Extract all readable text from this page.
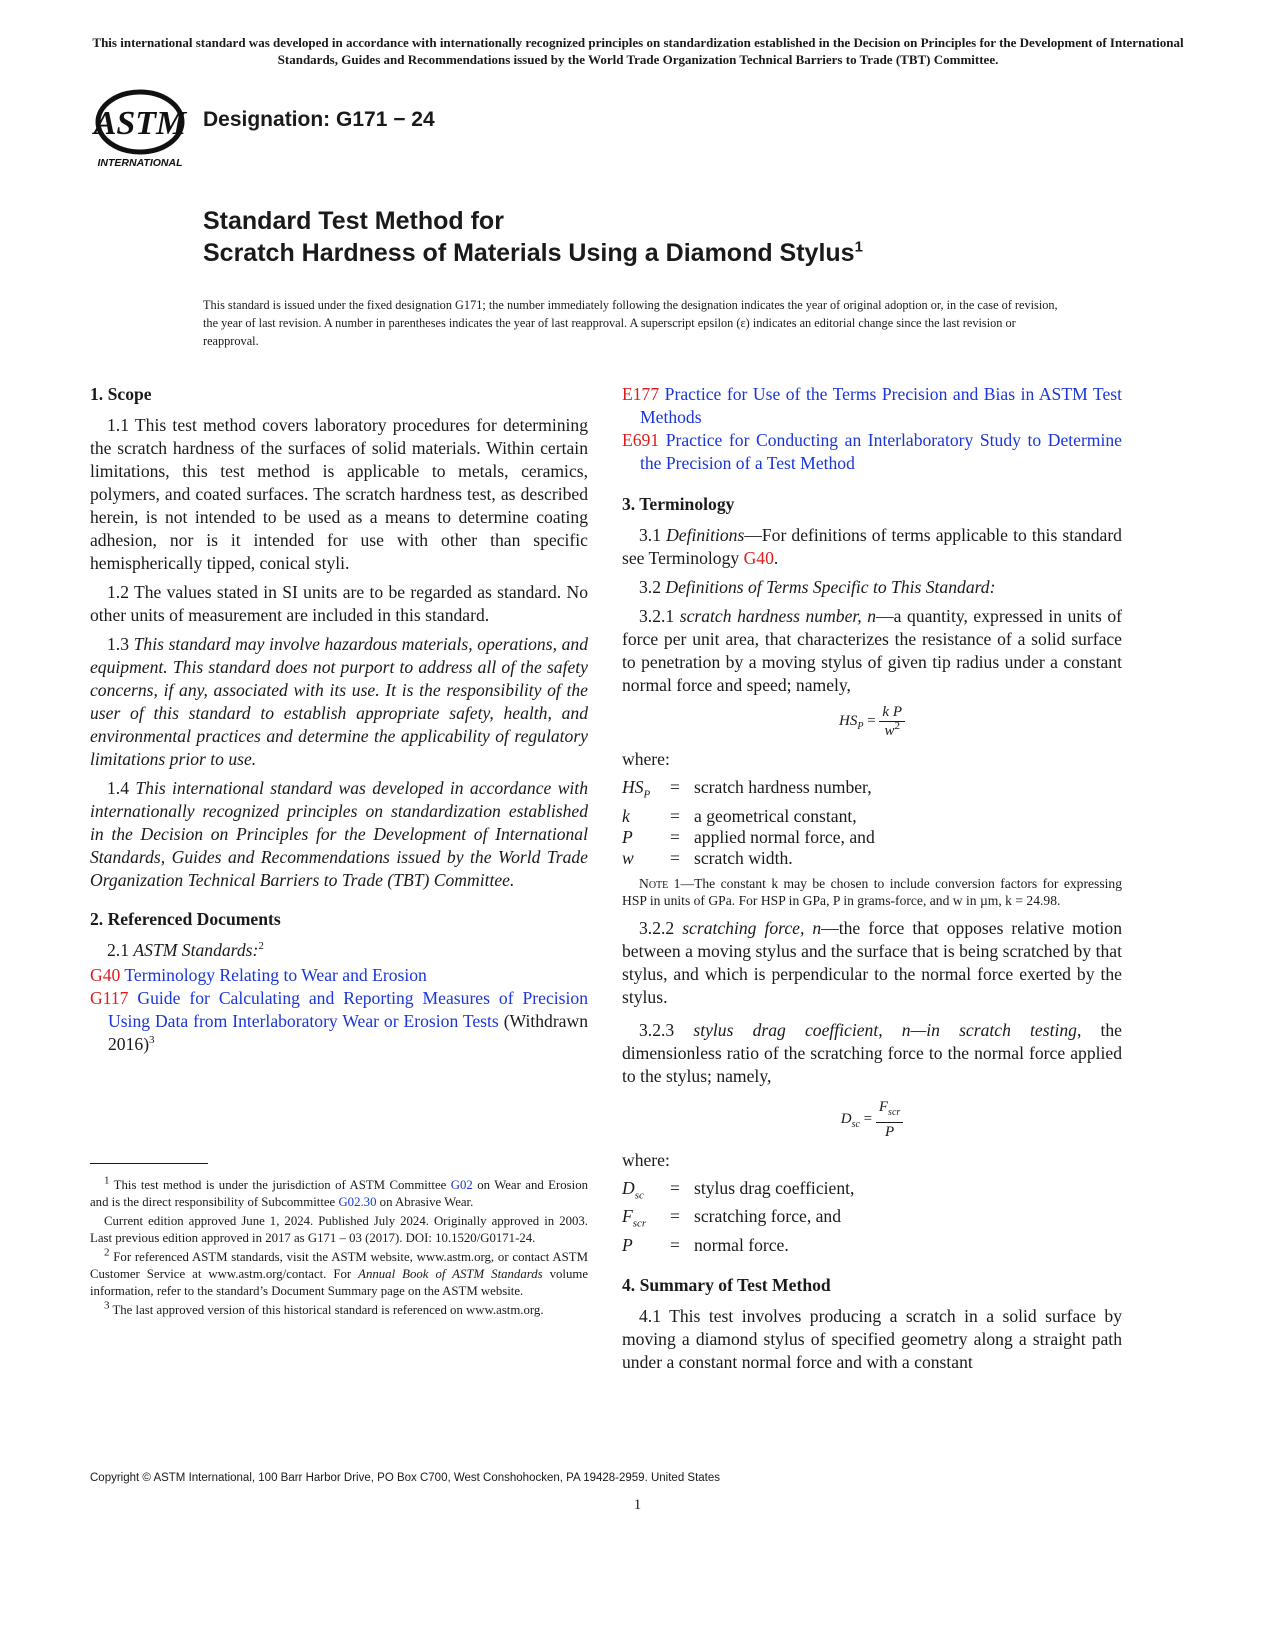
This international standard was developed in accordance with internationally recognized principles on standardization established in the Decision on Principles for the Development of International Standards, Guides and Recommendations issued by the World Trade Organization Technical Barriers to Trade (TBT) Committee.
ASTM
INTERNATIONAL
Designation: G171 − 24
Standard Test Method for
Scratch Hardness of Materials Using a Diamond Stylus$^1$
This standard is issued under the fixed designation G171; the number immediately following the designation indicates the year of original adoption or, in the case of revision, the year of last revision. A number in parentheses indicates the year of last reapproval. A superscript epsilon (ε) indicates an editorial change since the last revision or reapproval.
1. Scope
1.1 This test method covers laboratory procedures for determining the scratch hardness of the surfaces of solid materials. Within certain limitations, this test method is applicable to metals, ceramics, polymers, and coated surfaces. The scratch hardness test, as described herein, is not intended to be used as a means to determine coating adhesion, nor is it intended for use with other than specific hemispherically tipped, conical styli.
1.2 The values stated in SI units are to be regarded as standard. No other units of measurement are included in this standard.
1.3 This standard may involve hazardous materials, operations, and equipment. This standard does not purport to address all of the safety concerns, if any, associated with its use. It is the responsibility of the user of this standard to establish appropriate safety, health, and environmental practices and determine the applicability of regulatory limitations prior to use.
1.4 This international standard was developed in accordance with internationally recognized principles on standardization established in the Decision on Principles for the Development of International Standards, Guides and Recommendations issued by the World Trade Organization Technical Barriers to Trade (TBT) Committee.
2. Referenced Documents
2.1 ASTM Standards:$^2$
G40 Terminology Relating to Wear and Erosion
G117 Guide for Calculating and Reporting Measures of Precision Using Data from Interlaboratory Wear or Erosion Tests (Withdrawn 2016)$^3$
$^1$ This test method is under the jurisdiction of ASTM Committee G02 on Wear and Erosion and is the direct responsibility of Subcommittee G02.30 on Abrasive Wear.
Current edition approved June 1, 2024. Published July 2024. Originally approved in 2003. Last previous edition approved in 2017 as G171 – 03 (2017). DOI: 10.1520/G0171-24.
$^2$ For referenced ASTM standards, visit the ASTM website, www.astm.org, or contact ASTM Customer Service at www.astm.org/contact. For Annual Book of ASTM Standards volume information, refer to the standard’s Document Summary page on the ASTM website.
$^3$ The last approved version of this historical standard is referenced on www.astm.org.
E177 Practice for Use of the Terms Precision and Bias in ASTM Test Methods
E691 Practice for Conducting an Interlaboratory Study to Determine the Precision of a Test Method
3. Terminology
3.1 Definitions—For definitions of terms applicable to this standard see Terminology G40.
3.2 Definitions of Terms Specific to This Standard:
3.2.1 scratch hardness number, n—a quantity, expressed in units of force per unit area, that characterizes the resistance of a solid surface to penetration by a moving stylus of given tip radius under a constant normal force and speed; namely,
$HS_P = \frac{\text{k P}}{w^2}$
where:
$HS_P$	= scratch hardness number,
k	= a geometrical constant,
P	= applied normal force, and
w	= scratch width.
Note 1—The constant k may be chosen to include conversion factors for expressing HSP in units of GPa. For HSP in GPa, P in grams-force, and w in µm, k = 24.98.
3.2.2 scratching force, n—the force that opposes relative motion between a moving stylus and the surface that is being scratched by that stylus, and which is perpendicular to the normal force exerted by the stylus.
3.2.3 stylus drag coefficient, n—in scratch testing, the dimensionless ratio of the scratching force to the normal force applied to the stylus; namely,
$D_{sc} = \frac{F_{scr}}{P}$
where:
$D_{sc}$	= stylus drag coefficient,
$F_{scr}$	= scratching force, and
P	= normal force.
4. Summary of Test Method
4.1 This test involves producing a scratch in a solid surface by moving a diamond stylus of specified geometry along a straight path under a constant normal force and with a constant
Copyright © ASTM International, 100 Barr Harbor Drive, PO Box C700, West Conshohocken, PA 19428-2959. United States
1
